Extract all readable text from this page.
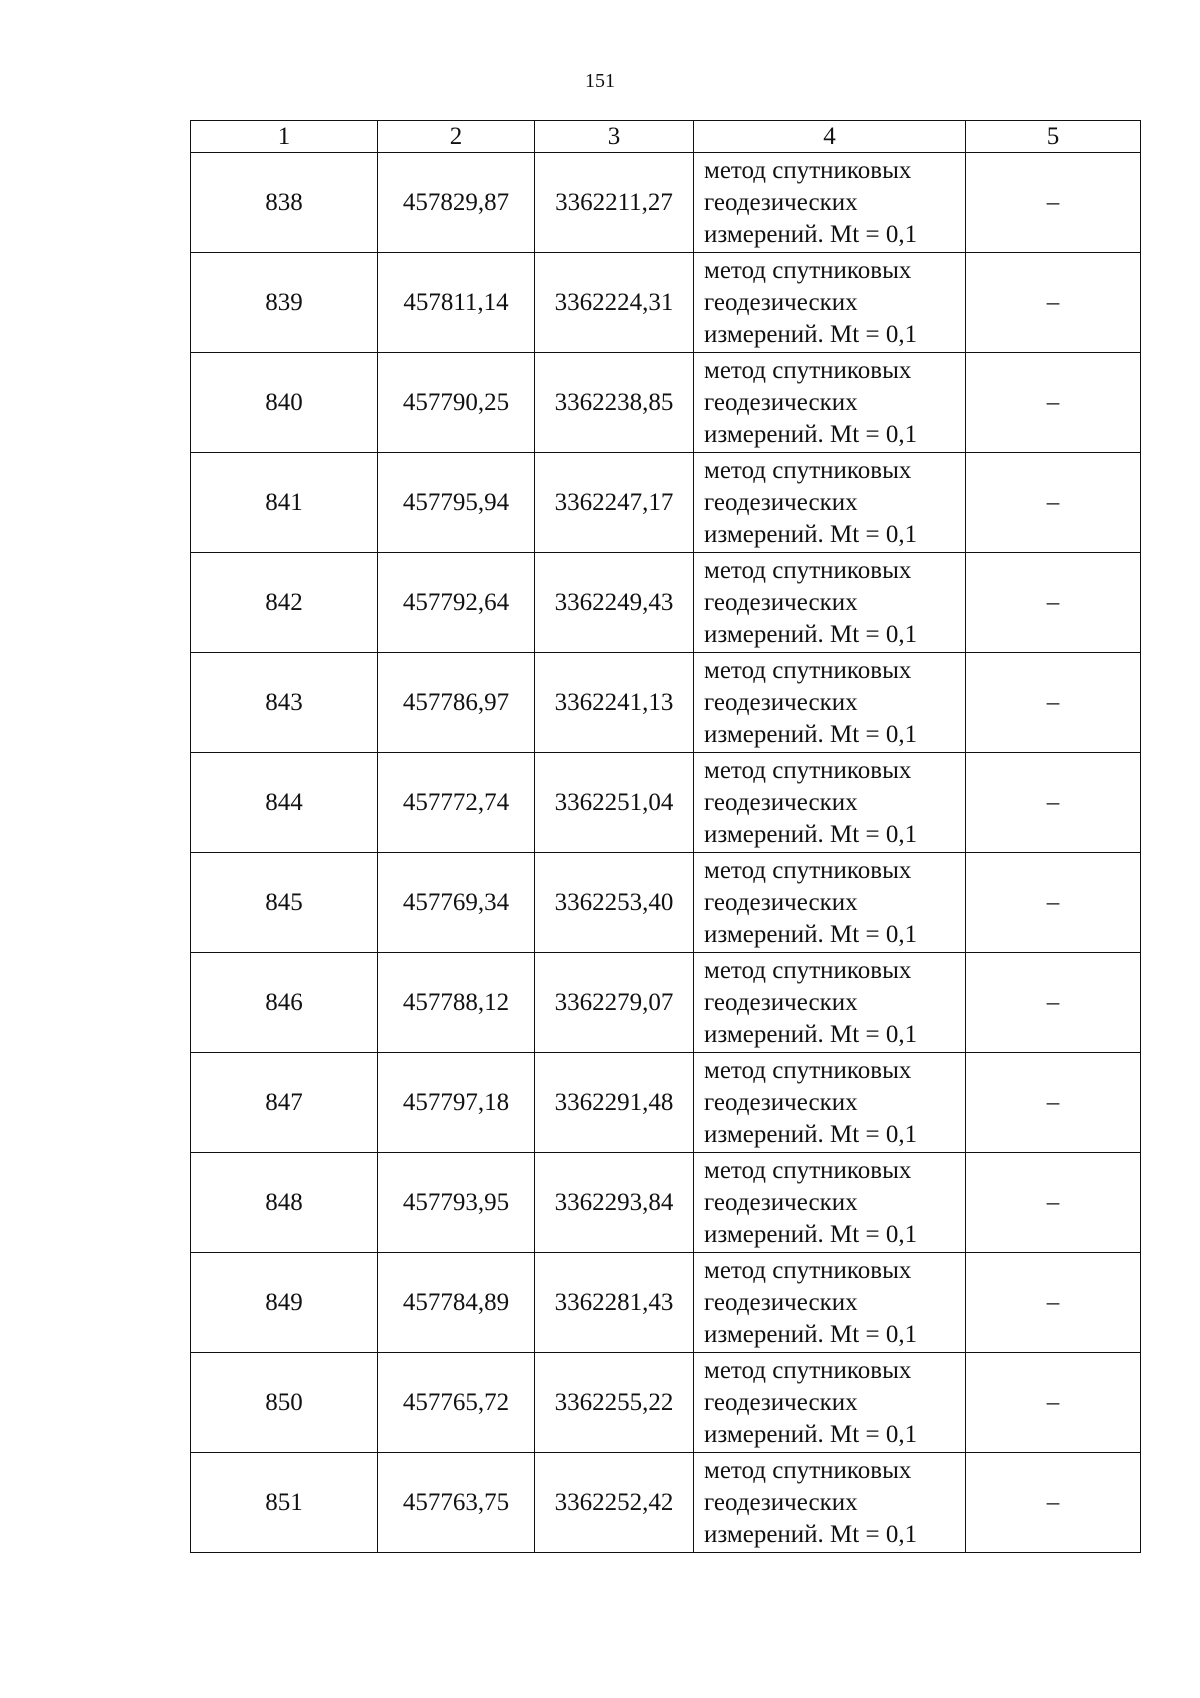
151
1	2	3	4	5
838	457829,87	3362211,27	метод спутниковых
геодезических
измерений. Mt = 0,1	–
839	457811,14	3362224,31	метод спутниковых
геодезических
измерений. Mt = 0,1	–
840	457790,25	3362238,85	метод спутниковых
геодезических
измерений. Mt = 0,1	–
841	457795,94	3362247,17	метод спутниковых
геодезических
измерений. Mt = 0,1	–
842	457792,64	3362249,43	метод спутниковых
геодезических
измерений. Mt = 0,1	–
843	457786,97	3362241,13	метод спутниковых
геодезических
измерений. Mt = 0,1	–
844	457772,74	3362251,04	метод спутниковых
геодезических
измерений. Mt = 0,1	–
845	457769,34	3362253,40	метод спутниковых
геодезических
измерений. Mt = 0,1	–
846	457788,12	3362279,07	метод спутниковых
геодезических
измерений. Mt = 0,1	–
847	457797,18	3362291,48	метод спутниковых
геодезических
измерений. Mt = 0,1	–
848	457793,95	3362293,84	метод спутниковых
геодезических
измерений. Mt = 0,1	–
849	457784,89	3362281,43	метод спутниковых
геодезических
измерений. Mt = 0,1	–
850	457765,72	3362255,22	метод спутниковых
геодезических
измерений. Mt = 0,1	–
851	457763,75	3362252,42	метод спутниковых
геодезических
измерений. Mt = 0,1	–
